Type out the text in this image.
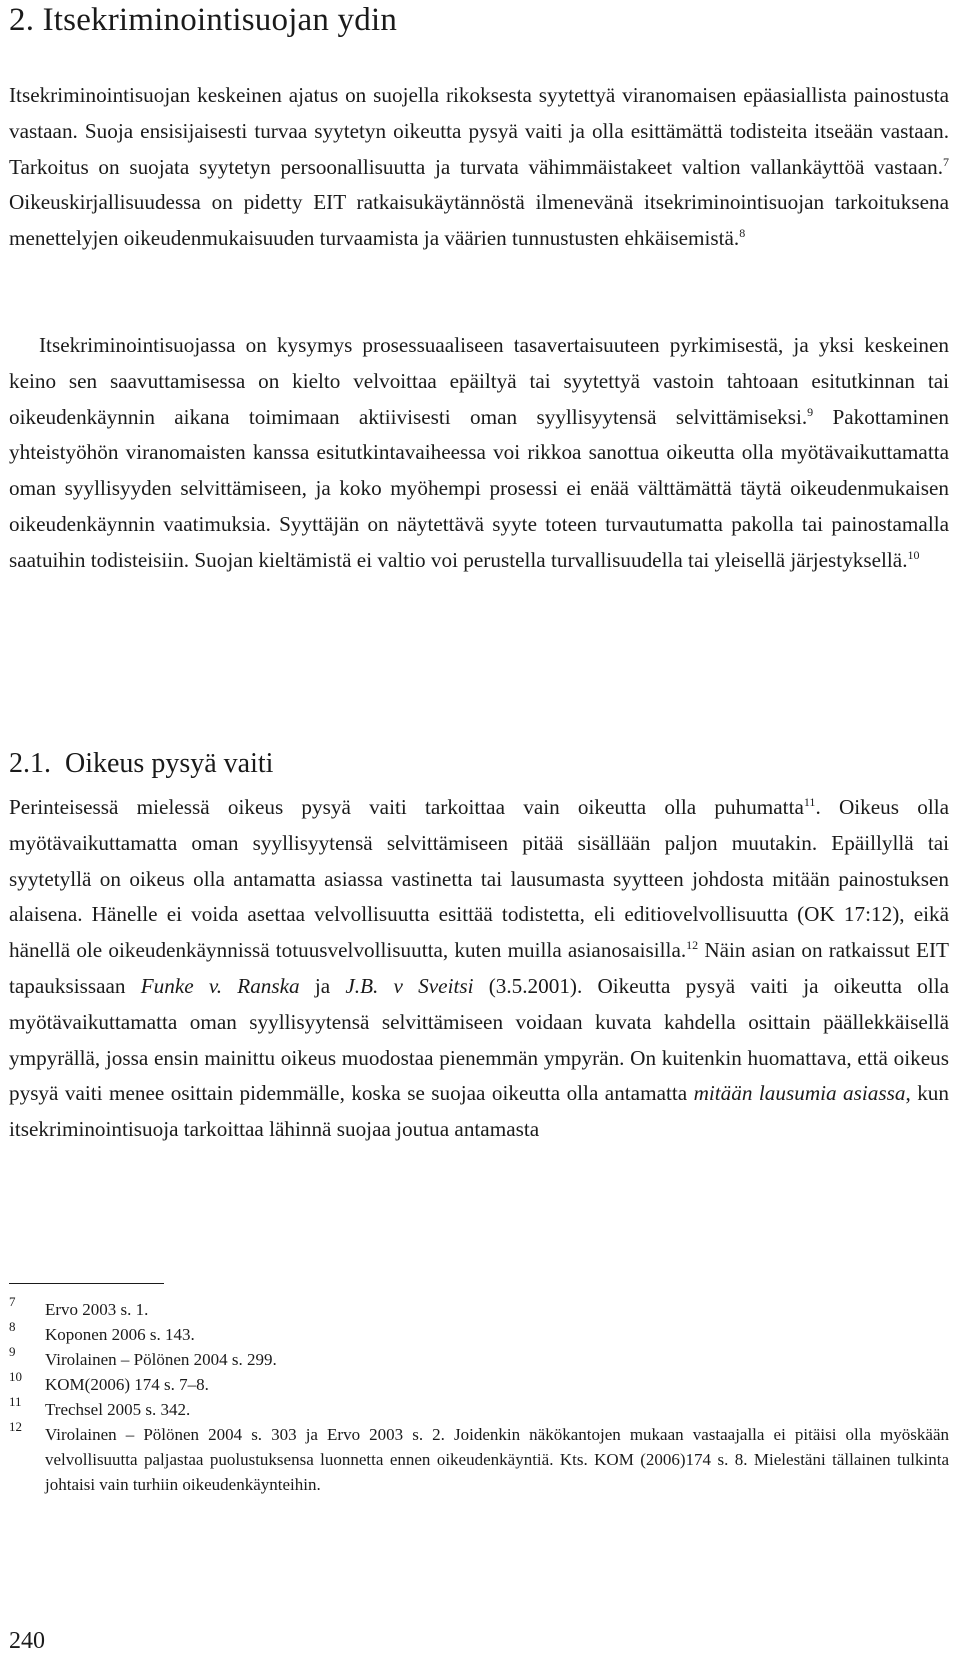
2. Itsekriminointisuojan ydin

Itsekriminointisuojan keskeinen ajatus on suojella rikoksesta syytettyä viranomaisen epäasiallista painostusta vastaan. Suoja ensisijaisesti turvaa syytetyn oikeutta pysyä vaiti ja olla esittämättä todisteita itseään vastaan. Tarkoitus on suojata syytetyn persoonallisuutta ja turvata vähimmäistakeet valtion vallankäyttöä vastaan.$^7$ Oikeuskirjallisuudessa on pidetty EIT ratkaisukäytännöstä ilmenevänä itsekriminointisuojan tarkoituksena menettelyjen oikeudenmukaisuuden turvaamista ja väärien tunnustusten ehkäisemistä.$^8$

Itsekriminointisuojassa on kysymys prosessuaaliseen tasavertaisuuteen pyrkimisestä, ja yksi keskeinen keino sen saavuttamisessa on kielto velvoittaa epäiltyä tai syytettyä vastoin tahtoaan esitutkinnan tai oikeudenkäynnin aikana toimimaan aktiivisesti oman syyllisyytensä selvittämiseksi.$^9$ Pakottaminen yhteistyöhön viranomaisten kanssa esitutkintavaiheessa voi rikkoa sanottua oikeutta olla myötävaikuttamatta oman syyllisyyden selvittämiseen, ja koko myöhempi prosessi ei enää välttämättä täytä oikeudenmukaisen oikeudenkäynnin vaatimuksia. Syyttäjän on näytettävä syyte toteen turvautumatta pakolla tai painostamalla saatuihin todisteisiin. Suojan kieltämistä ei valtio voi perustella turvallisuudella tai yleisellä järjestyksellä.$^{10}$

2.1.  Oikeus pysyä vaiti

Perinteisessä mielessä oikeus pysyä vaiti tarkoittaa vain oikeutta olla puhumatta$^{11}$. Oikeus olla myötävaikuttamatta oman syyllisyytensä selvittämiseen pitää sisällään paljon muutakin. Epäillyllä tai syytetyllä on oikeus olla antamatta asiassa vastinetta tai lausumasta syytteen johdosta mitään painostuksen alaisena. Hänelle ei voida asettaa velvollisuutta esittää todistetta, eli editiovelvollisuutta (OK 17:12), eikä hänellä ole oikeudenkäynnissä totuusvelvollisuutta, kuten muilla asianosaisilla.$^{12}$ Näin asian on ratkaissut EIT tapauksissaan Funke v. Ranska ja J.B. v Sveitsi (3.5.2001). Oikeutta pysyä vaiti ja oikeutta olla myötävaikuttamatta oman syyllisyytensä selvittämiseen voidaan kuvata kahdella osittain päällekkäisellä ympyrällä, jossa ensin mainittu oikeus muodostaa pienemmän ympyrän. On kuitenkin huomattava, että oikeus pysyä vaiti menee osittain pidemmälle, koska se suojaa oikeutta olla antamatta mitään lausumia asiassa, kun itsekriminointisuoja tarkoittaa lähinnä suojaa joutua antamasta

7 Ervo 2003 s. 1.
8 Koponen 2006 s. 143.
9 Virolainen – Pölönen 2004 s. 299.
10 KOM(2006) 174 s. 7–8.
11 Trechsel 2005 s. 342.
12 Virolainen – Pölönen 2004 s. 303 ja Ervo 2003 s. 2. Joidenkin näkökantojen mukaan vastaajalla ei pitäisi olla myöskään velvollisuutta paljastaa puolustuksensa luonnetta ennen oikeudenkäyntiä. Kts. KOM (2006)174 s. 8. Mielestäni tällainen tulkinta johtaisi vain turhiin oikeudenkäynteihin.
240
